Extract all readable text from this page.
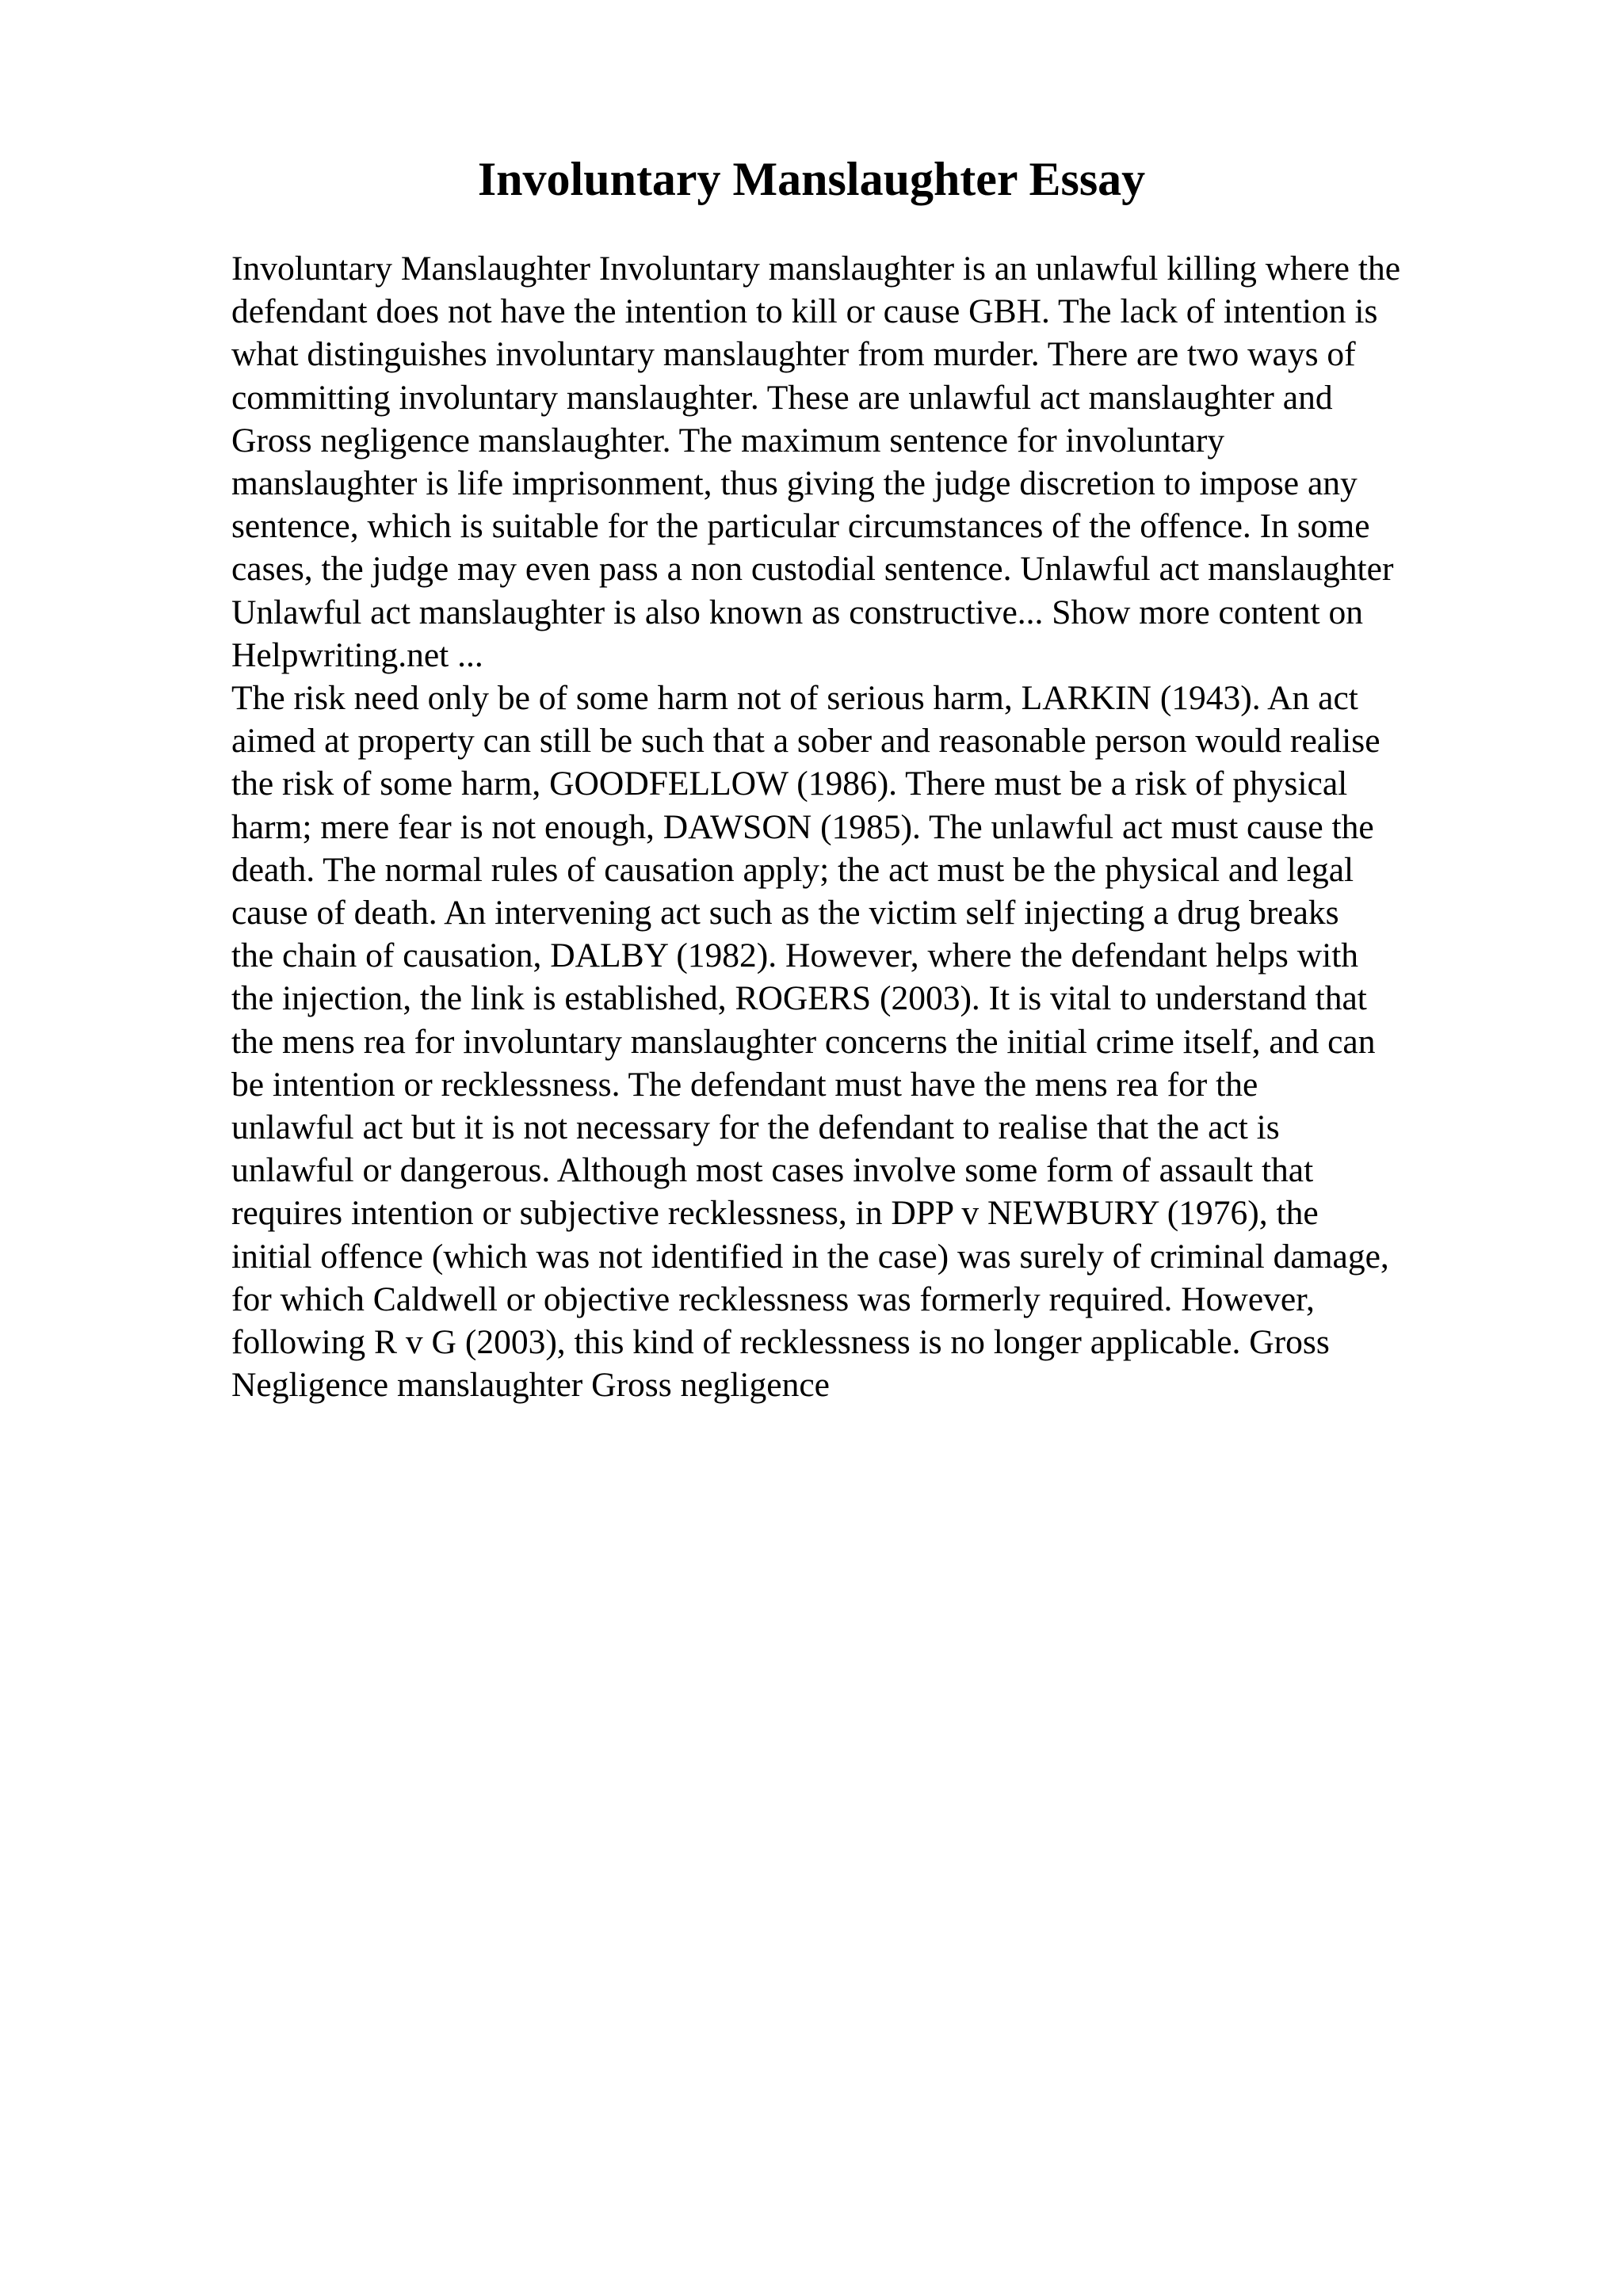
Involuntary Manslaughter Essay
Involuntary Manslaughter Involuntary manslaughter is an unlawful killing where the
defendant does not have the intention to kill or cause GBH. The lack of intention is
what distinguishes involuntary manslaughter from murder. There are two ways of
committing involuntary manslaughter. These are unlawful act manslaughter and
Gross negligence manslaughter. The maximum sentence for involuntary
manslaughter is life imprisonment, thus giving the judge discretion to impose any
sentence, which is suitable for the particular circumstances of the offence. In some
cases, the judge may even pass a non custodial sentence. Unlawful act manslaughter
Unlawful act manslaughter is also known as constructive... Show more content on
Helpwriting.net ...
The risk need only be of some harm not of serious harm, LARKIN (1943). An act
aimed at property can still be such that a sober and reasonable person would realise
the risk of some harm, GOODFELLOW (1986). There must be a risk of physical
harm; mere fear is not enough, DAWSON (1985). The unlawful act must cause the
death. The normal rules of causation apply; the act must be the physical and legal
cause of death. An intervening act such as the victim self injecting a drug breaks
the chain of causation, DALBY (1982). However, where the defendant helps with
the injection, the link is established, ROGERS (2003). It is vital to understand that
the mens rea for involuntary manslaughter concerns the initial crime itself, and can
be intention or recklessness. The defendant must have the mens rea for the
unlawful act but it is not necessary for the defendant to realise that the act is
unlawful or dangerous. Although most cases involve some form of assault that
requires intention or subjective recklessness, in DPP v NEWBURY (1976), the
initial offence (which was not identified in the case) was surely of criminal damage,
for which Caldwell or objective recklessness was formerly required. However,
following R v G (2003), this kind of recklessness is no longer applicable. Gross
Negligence manslaughter Gross negligence
